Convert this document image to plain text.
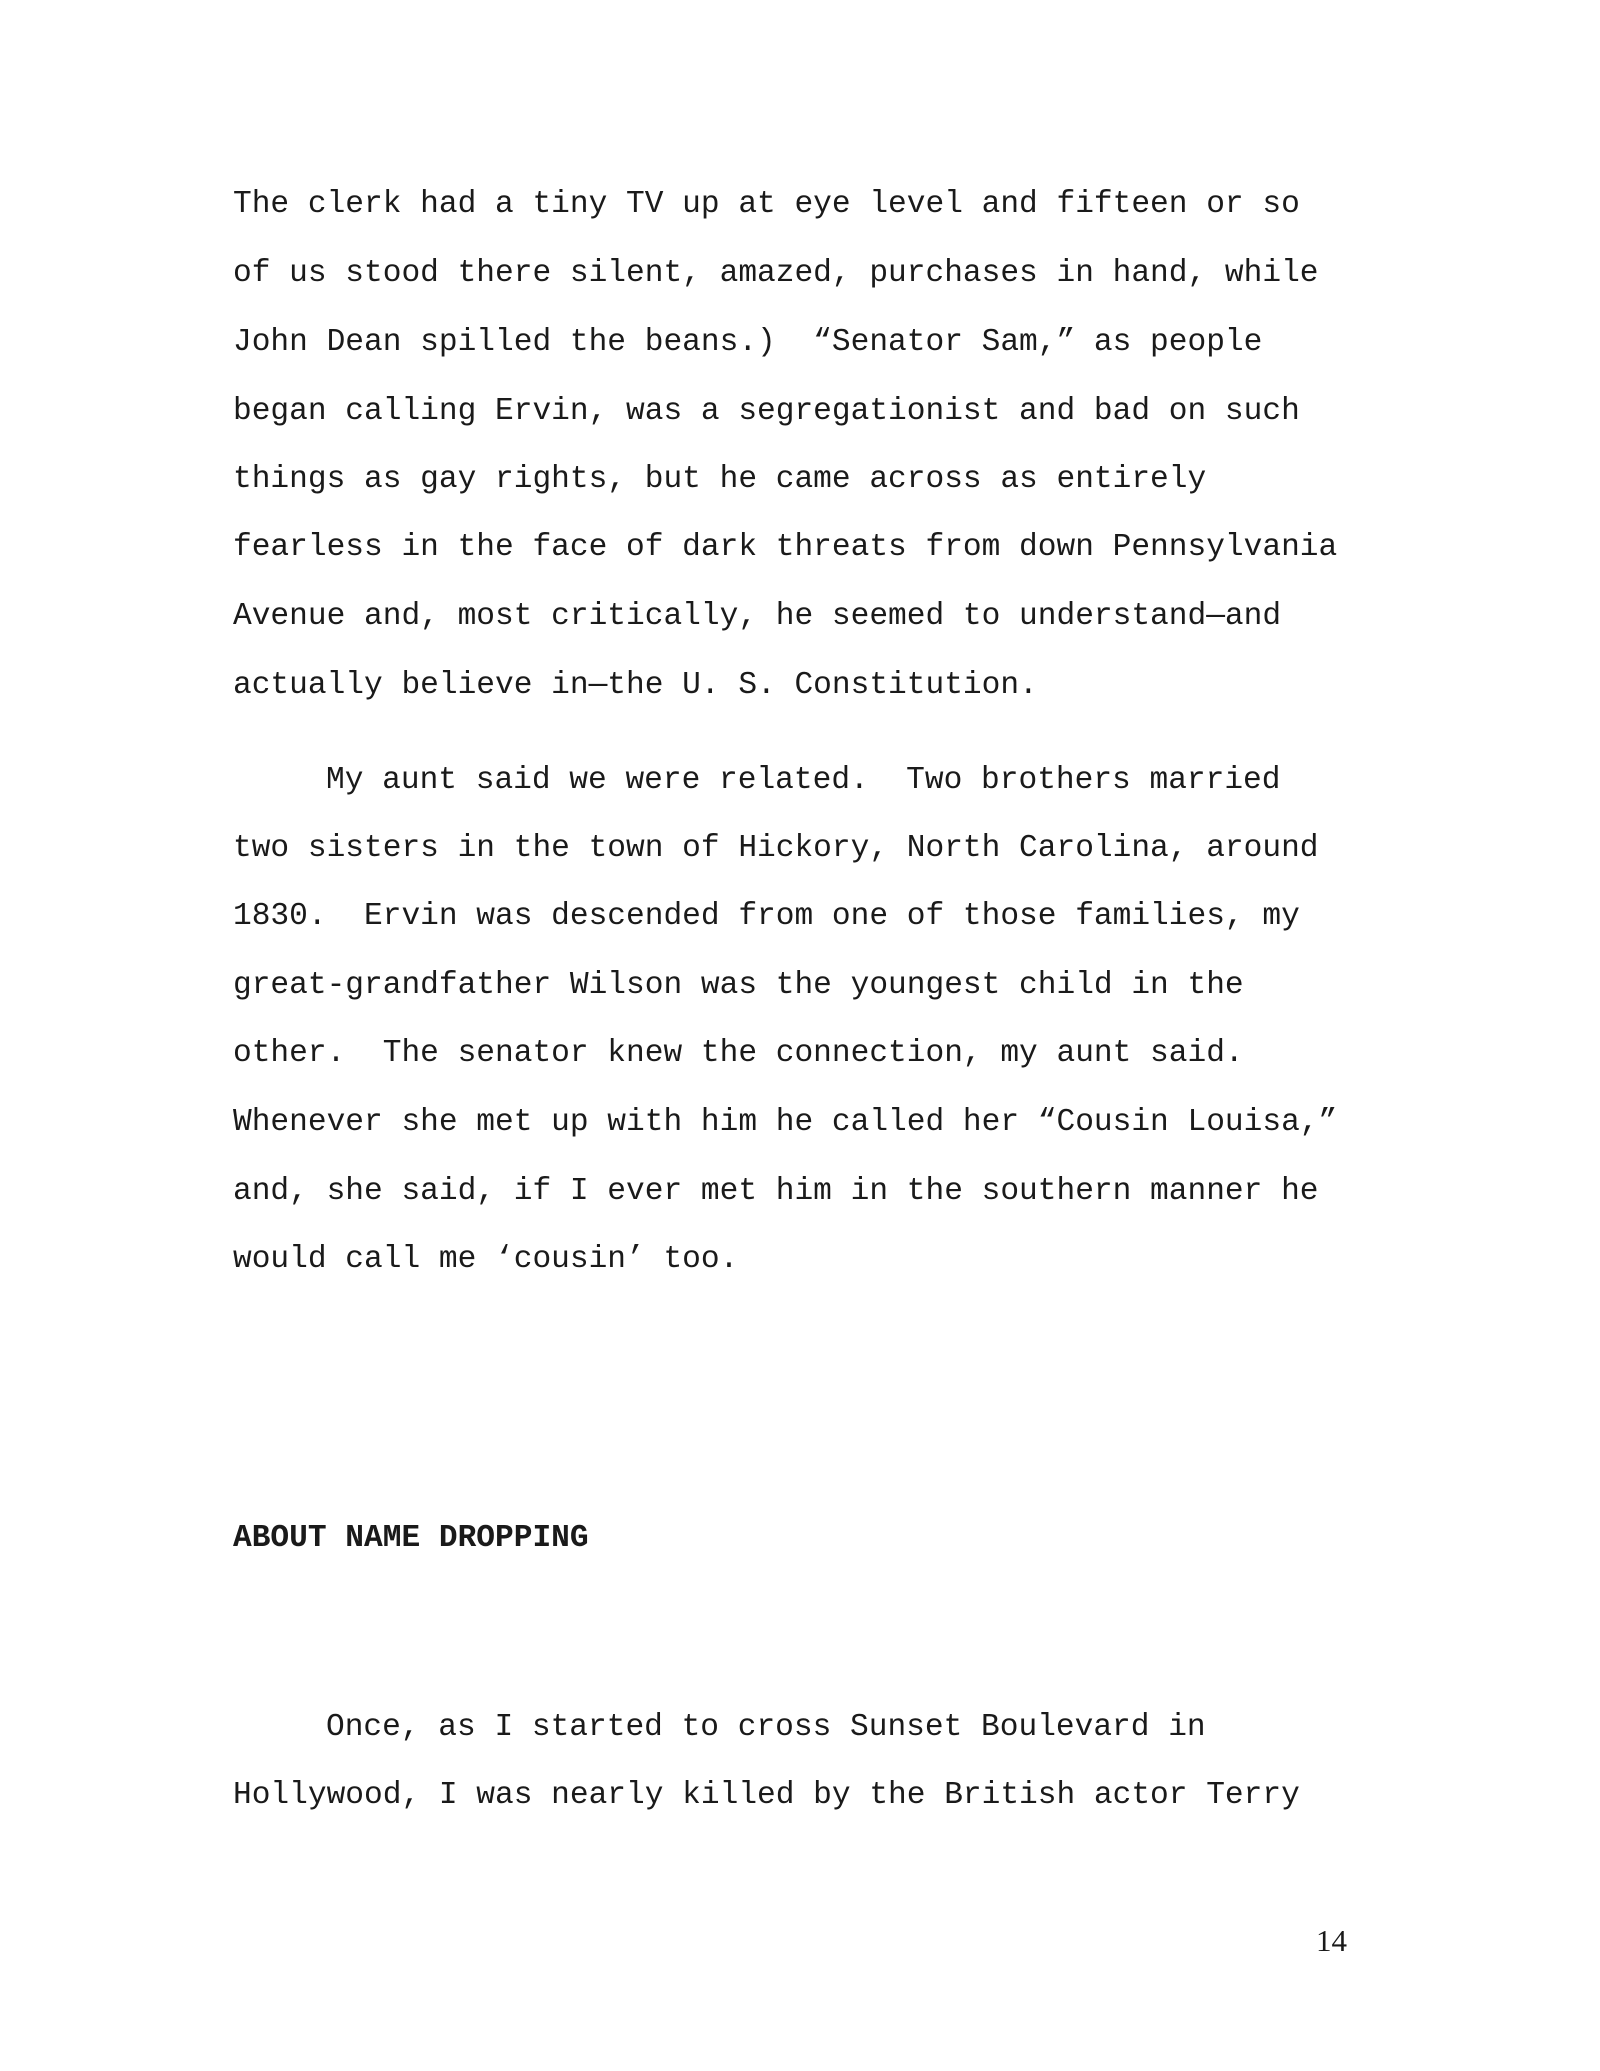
The clerk had a tiny TV up at eye level and fifteen or so
of us stood there silent, amazed, purchases in hand, while
John Dean spilled the beans.)  “Senator Sam,” as people
began calling Ervin, was a segregationist and bad on such
things as gay rights, but he came across as entirely
fearless in the face of dark threats from down Pennsylvania
Avenue and, most critically, he seemed to understand—and
actually believe in—the U. S. Constitution.
My aunt said we were related.  Two brothers married
two sisters in the town of Hickory, North Carolina, around
1830.  Ervin was descended from one of those families, my
great-grandfather Wilson was the youngest child in the
other.  The senator knew the connection, my aunt said.
Whenever she met up with him he called her “Cousin Louisa,”
and, she said, if I ever met him in the southern manner he
would call me ‘cousin’ too.
ABOUT NAME DROPPING
Once, as I started to cross Sunset Boulevard in
Hollywood, I was nearly killed by the British actor Terry
14
